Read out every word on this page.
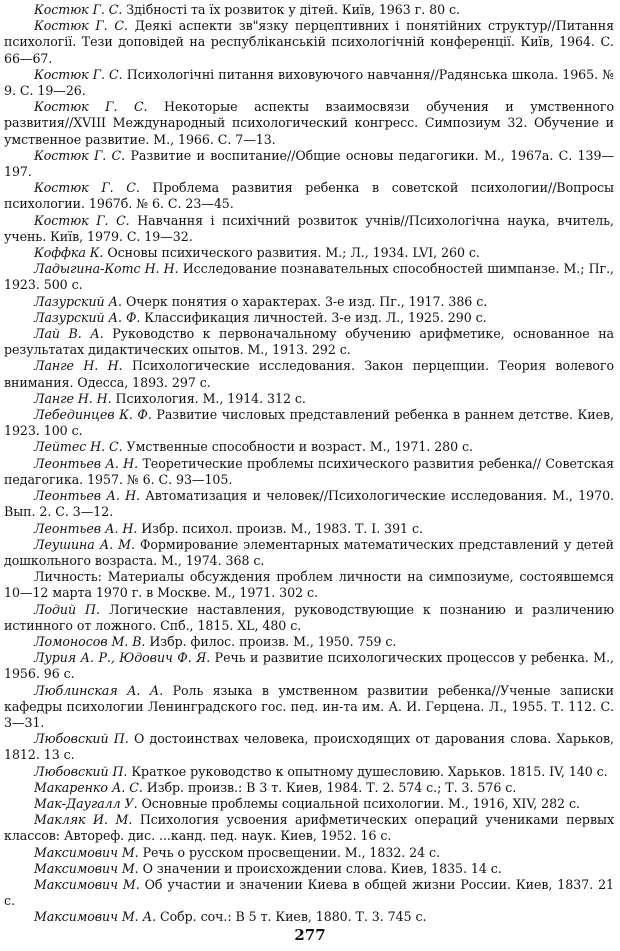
Костюк Г. С. Здібності та їх розвиток у дітей. Київ, 1963 г. 80 с.
Костюк Г. С. Деякі аспекти зв"язку перцептивних і понятійних структур//Питання психології. Тези доповідей на республіканській психологічній конференції. Київ, 1964. С. 66—67.
Костюк Г. С. Психологічні питання виховуючого навчання//Радянська школа. 1965. № 9. С. 19—26.
Костюк Г. С. Некоторые аспекты взаимосвязи обучения и умственного развития//XVIII Международный психологический конгресс. Симпозиум 32. Обучение и умственное развитие. М., 1966. С. 7—13.
Костюк Г. С. Развитие и воспитание//Общие основы педагогики. М., 1967а. С. 139—197.
Костюк Г. С. Проблема развития ребенка в советской психологии//Вопросы психологии. 1967б. № 6. С. 23—45.
Костюк Г. С. Навчання і психічний розвиток учнів//Психологічна наука, вчитель, учень. Київ, 1979. С. 19—32.
Коффка К. Основы психического развития. М.; Л., 1934. LVI, 260 с.
Ладыгина-Котс Н. Н. Исследование познавательных способностей шимпанзе. М.; Пг., 1923. 500 с.
Лазурский А. Очерк понятия о характерах. 3-е изд. Пг., 1917. 386 с.
Лазурский А. Ф. Классификация личностей. 3-е изд. Л., 1925. 290 с.
Лай В. А. Руководство к первоначальному обучению арифметике, основанное на результатах дидактических опытов. М., 1913. 292 с.
Ланге Н. Н. Психологические исследования. Закон перцепции. Теория волевого внимания. Одесса, 1893. 297 с.
Ланге Н. Н. Психология. М., 1914. 312 с.
Лебединцев К. Ф. Развитие числовых представлений ребенка в раннем детстве. Киев, 1923. 100 с.
Лейтес Н. С. Умственные способности и возраст. М., 1971. 280 с.
Леонтьев А. Н. Теоретические проблемы психического развития ребенка// Советская педагогика. 1957. № 6. С. 93—105.
Леонтьев А. Н. Автоматизация и человек//Психологические исследования. М., 1970. Вып. 2. С. 3—12.
Леонтьев А. Н. Избр. психол. произв. М., 1983. Т. I. 391 с.
Леушина А. М. Формирование элементарных математических представлений у детей дошкольного возраста. М., 1974. 368 с.
Личность: Материалы обсуждения проблем личности на симпозиуме, состоявшемся 10—12 марта 1970 г. в Москве. М., 1971. 302 с.
Лодий П. Логические наставления, руководствующие к познанию и различению истинного от ложного. Спб., 1815. XL, 480 с.
Ломоносов М. В. Избр. филос. произв. М., 1950. 759 с.
Лурия А. Р., Юдович Ф. Я. Речь и развитие психологических процессов у ребенка. М., 1956. 96 с.
Люблинская А. А. Роль языка в умственном развитии ребенка//Ученые записки кафедры психологии Ленинградского гос. пед. ин-та им. А. И. Герцена. Л., 1955. Т. 112. С. 3—31.
Любовский П. О достоинствах человека, происходящих от дарования слова. Харьков, 1812. 13 с.
Любовский П. Краткое руководство к опытному душесловию. Харьков. 1815. IV, 140 с.
Макаренко А. С. Избр. произв.: В 3 т. Киев, 1984. Т. 2. 574 с.; Т. 3. 576 с.
Мак-Даугалл У. Основные проблемы социальной психологии. М., 1916, XIV, 282 с.
Макляк И. М. Психология усвоения арифметических операций учениками первых классов: Автореф. дис. ...канд. пед. наук. Киев, 1952. 16 с.
Максимович М. Речь о русском просвещении. М., 1832. 24 с.
Максимович М. О значении и происхождении слова. Киев, 1835. 14 с.
Максимович М. Об участии и значении Киева в общей жизни России. Киев, 1837. 21 с.
Максимович М. А. Собр. соч.: В 5 т. Киев, 1880. Т. 3. 745 с.
277
